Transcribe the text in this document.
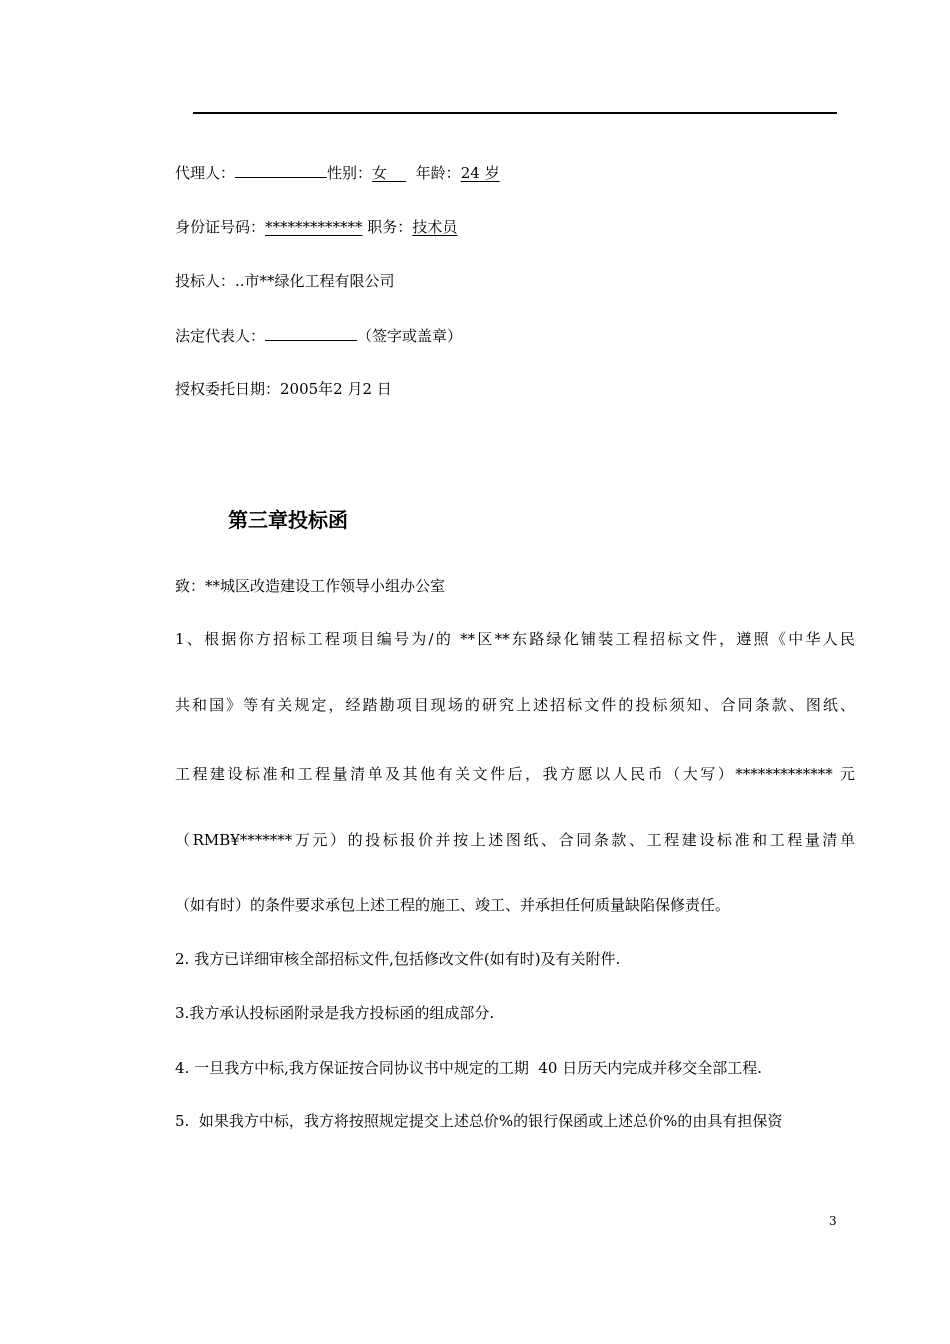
代理人：	性别：女 年龄：24 岁
身份证号码：************* 职务：技术员
投标人：..市**绿化工程有限公司
法定代表人：	（签字或盖章）
授权委托日期：2005年2 月2 日
第三章投标函
致：**城区改造建设工作领导小组办公室
1、根据你方招标工程项目编号为/的 **区**东路绿化铺装工程招标文件，遵照《中华人民
共和国》等有关规定，经踏勘项目现场的研究上述招标文件的投标须知、合同条款、图纸、
工程建设标准和工程量清单及其他有关文件后，我方愿以人民币（大写）************* 元
（RMB¥*******万元）的投标报价并按上述图纸、合同条款、工程建设标准和工程量清单
（如有时）的条件要求承包上述工程的施工、竣工、并承担任何质量缺陷保修责任。
2. 我方已详细审核全部招标文件,包括修改文件(如有时)及有关附件.
3.我方承认投标函附录是我方投标函的组成部分.
4. 一旦我方中标,我方保证按合同协议书中规定的工期  40 日历天内完成并移交全部工程.
5.  如果我方中标，我方将按照规定提交上述总价%的银行保函或上述总价%的由具有担保资
3
